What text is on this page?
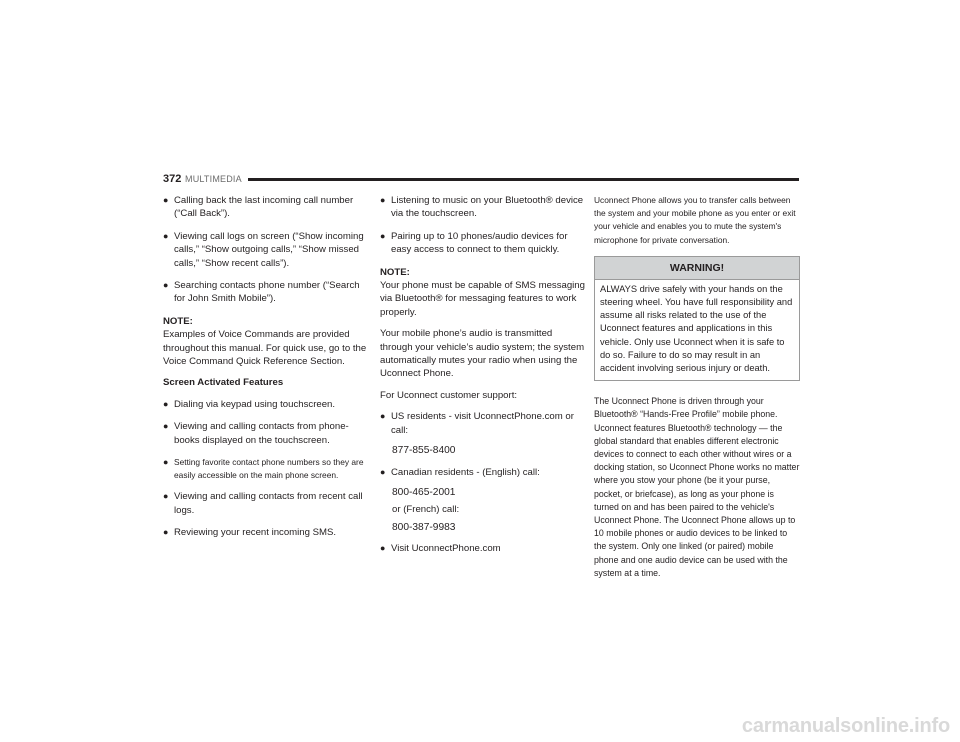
372 MULTIMEDIA
● Calling back the last incoming call number (“Call Back”).
● Viewing call logs on screen (“Show incoming calls,” “Show outgoing calls,” “Show missed calls,” “Show recent calls”).
● Searching contacts phone number (“Search for John Smith Mobile”).
NOTE:

Examples of Voice Commands are provided throughout this manual. For quick use, go to the Voice Command Quick Reference Section.

Screen Activated Features
● Dialing via keypad using touchscreen.
● Viewing and calling contacts from phone-books displayed on the touchscreen.
● Setting favorite contact phone numbers so they are easily accessible on the main phone screen.
● Viewing and calling contacts from recent call logs.
● Reviewing your recent incoming SMS.
● Listening to music on your Bluetooth® device via the touchscreen.
● Pairing up to 10 phones/audio devices for easy access to connect to them quickly.
NOTE:

Your phone must be capable of SMS messaging via Bluetooth® for messaging features to work properly.

Your mobile phone’s audio is transmitted through your vehicle’s audio system; the system automatically mutes your radio when using the Uconnect Phone.

For Uconnect customer support:

● US residents - visit UconnectPhone.com or call:
877-855-8400
● Canadian residents - (English) call:
800-465-2001
or (French) call:
800-387-9983
● Visit UconnectPhone.com
Uconnect Phone allows you to transfer calls between the system and your mobile phone as you enter or exit your vehicle and enables you to mute the system's microphone for private conversation.
WARNING!
ALWAYS drive safely with your hands on the steering wheel. You have full responsibility and assume all risks related to the use of the Uconnect features and applications in this vehicle. Only use Uconnect when it is safe to do so. Failure to do so may result in an accident involving serious injury or death.
The Uconnect Phone is driven through your Bluetooth® “Hands-Free Profile” mobile phone. Uconnect features Bluetooth® technology — the global standard that enables different electronic devices to connect to each other without wires or a docking station, so Uconnect Phone works no matter where you stow your phone (be it your purse, pocket, or briefcase), as long as your phone is turned on and has been paired to the vehicle's Uconnect Phone. The Uconnect Phone allows up to 10 mobile phones or audio devices to be linked to the system. Only one linked (or paired) mobile phone and one audio device can be used with the system at a time.
carmanualsonline.info
